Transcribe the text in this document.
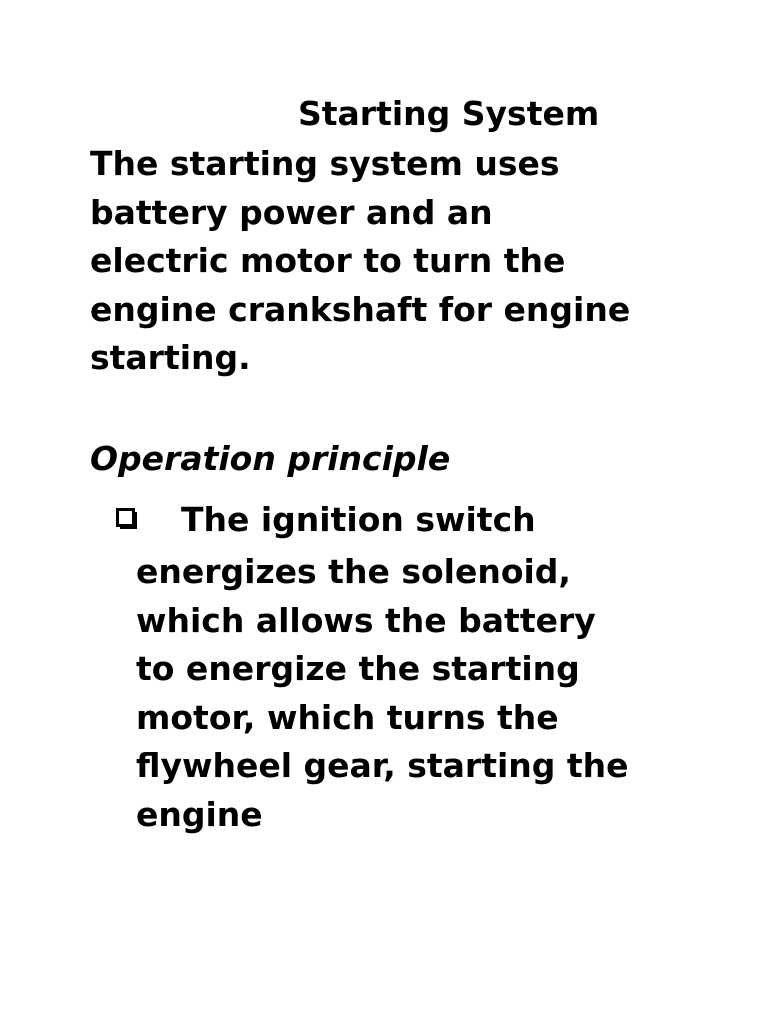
Starting System

The starting system uses
battery power and an
electric motor to turn the
engine crankshaft for engine
starting.

Operation principle

The ignition switch
energizes the solenoid,
which allows the battery
to energize the starting
motor, which turns the
flywheel gear, starting the
engine
